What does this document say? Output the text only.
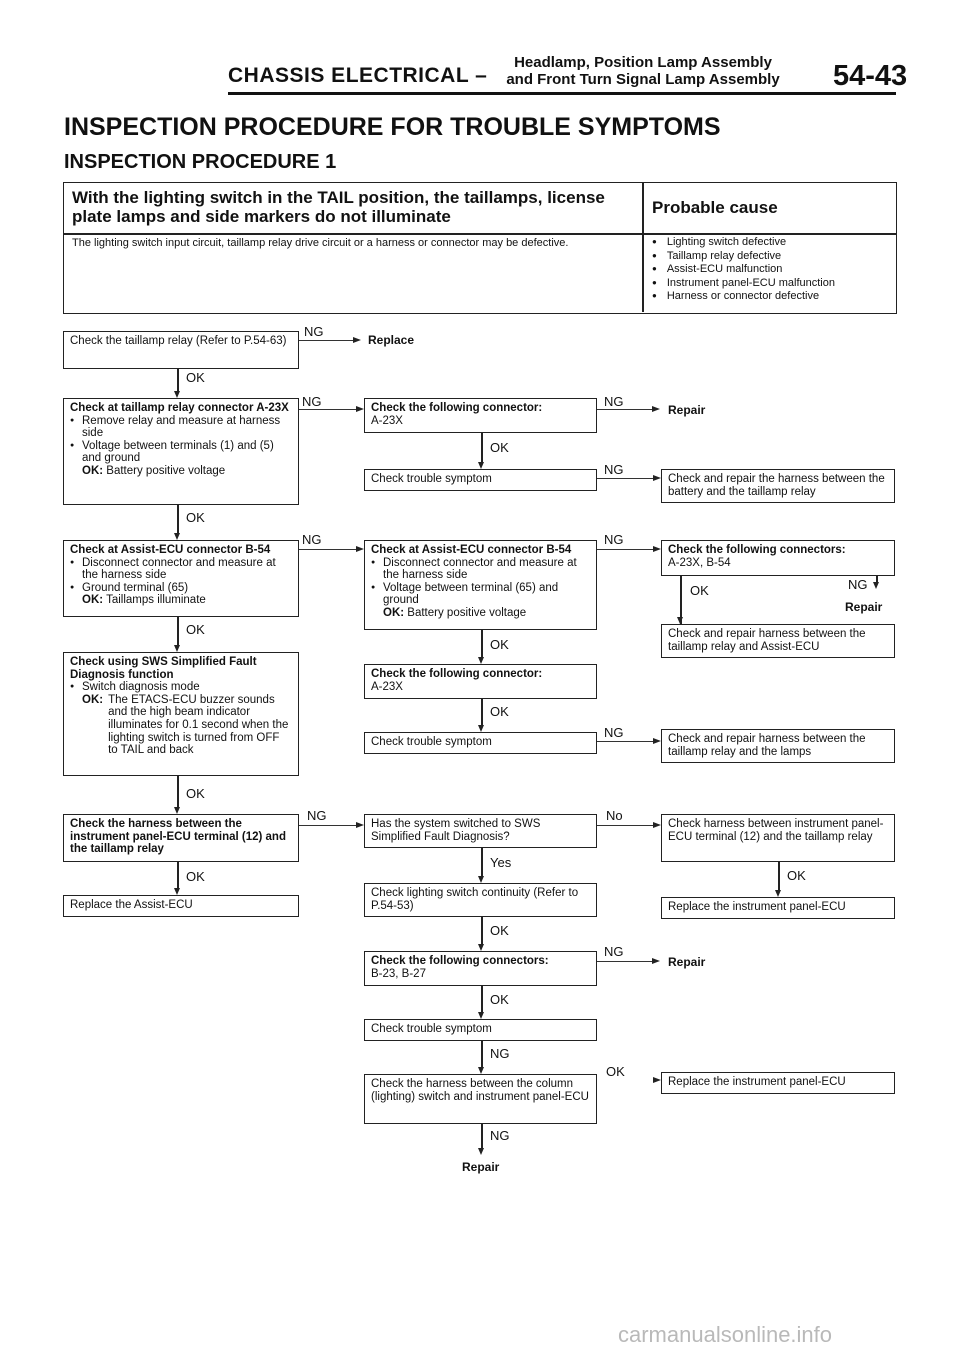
CHASSIS ELECTRICAL –
Headlamp, Position Lamp Assembly
and Front Turn Signal Lamp Assembly	54-43
INSPECTION PROCEDURE FOR TROUBLE SYMPTOMS
INSPECTION PROCEDURE 1
With the lighting switch in the TAIL position, the taillamps, license plate lamps and side markers do not illuminate	Probable cause
The lighting switch input circuit, taillamp relay drive circuit or a harness or connector may be defective.
●	Lighting switch defective
● Taillamp relay defective
● Assist-ECU malfunction
● Instrument panel-ECU malfunction
● Harness or connector defective
Check the taillamp relay (Refer to P.54-63)
Check at taillamp relay connector A-23X
● Remove relay and measure at harness side
● Voltage between terminals (1) and (5) and ground
OK: Battery positive voltage
Check the following connector:
A-23X
Check trouble symptom	Check and repair the harness between the battery and the taillamp relay
Check at Assist-ECU connector B-54
● Disconnect connector and measure at the harness side
● Ground terminal (65)
OK: Taillamps illuminate
Check at Assist-ECU connector B-54
● Disconnect connector and measure at the harness side
● Voltage between terminal (65) and ground
OK: Battery positive voltage
Check the following connectors:
A-23X, B-54
Check and repair harness between the taillamp relay and Assist-ECU
Check using SWS Simplified Fault Diagnosis function
● Switch diagnosis mode
OK: The ETACS-ECU buzzer sounds and the high beam indicator illuminates for 0.1 second when the lighting switch is turned from OFF to TAIL and back
Check the following connector:
A-23X
Check trouble symptom	Check and repair harness between the taillamp relay and the lamps
Check the harness between the instrument panel-ECU terminal (12) and the taillamp relay
Has the system switched to SWS Simplified Fault Diagnosis?
Check harness between instrument panel-ECU terminal (12) and the taillamp relay
Replace the Assist-ECU
Check lighting switch continuity (Refer to P.54-53)	Replace the instrument panel-ECU
Check the following connectors:
B-23, B-27
Check trouble symptom
Check the harness between the column (lighting) switch and instrument panel-ECU
Replace the instrument panel-ECU
OK
OK
OK
OK
OK
OK
OK
OK
Yes
OK
OK
NG
NG
Repair
OK	NG
Repair
OK
NG
Replace
NG	NG
Repair
NG
NG	NG
NG
NG	No
NG
Repair
OK
carmanualsonline.info
